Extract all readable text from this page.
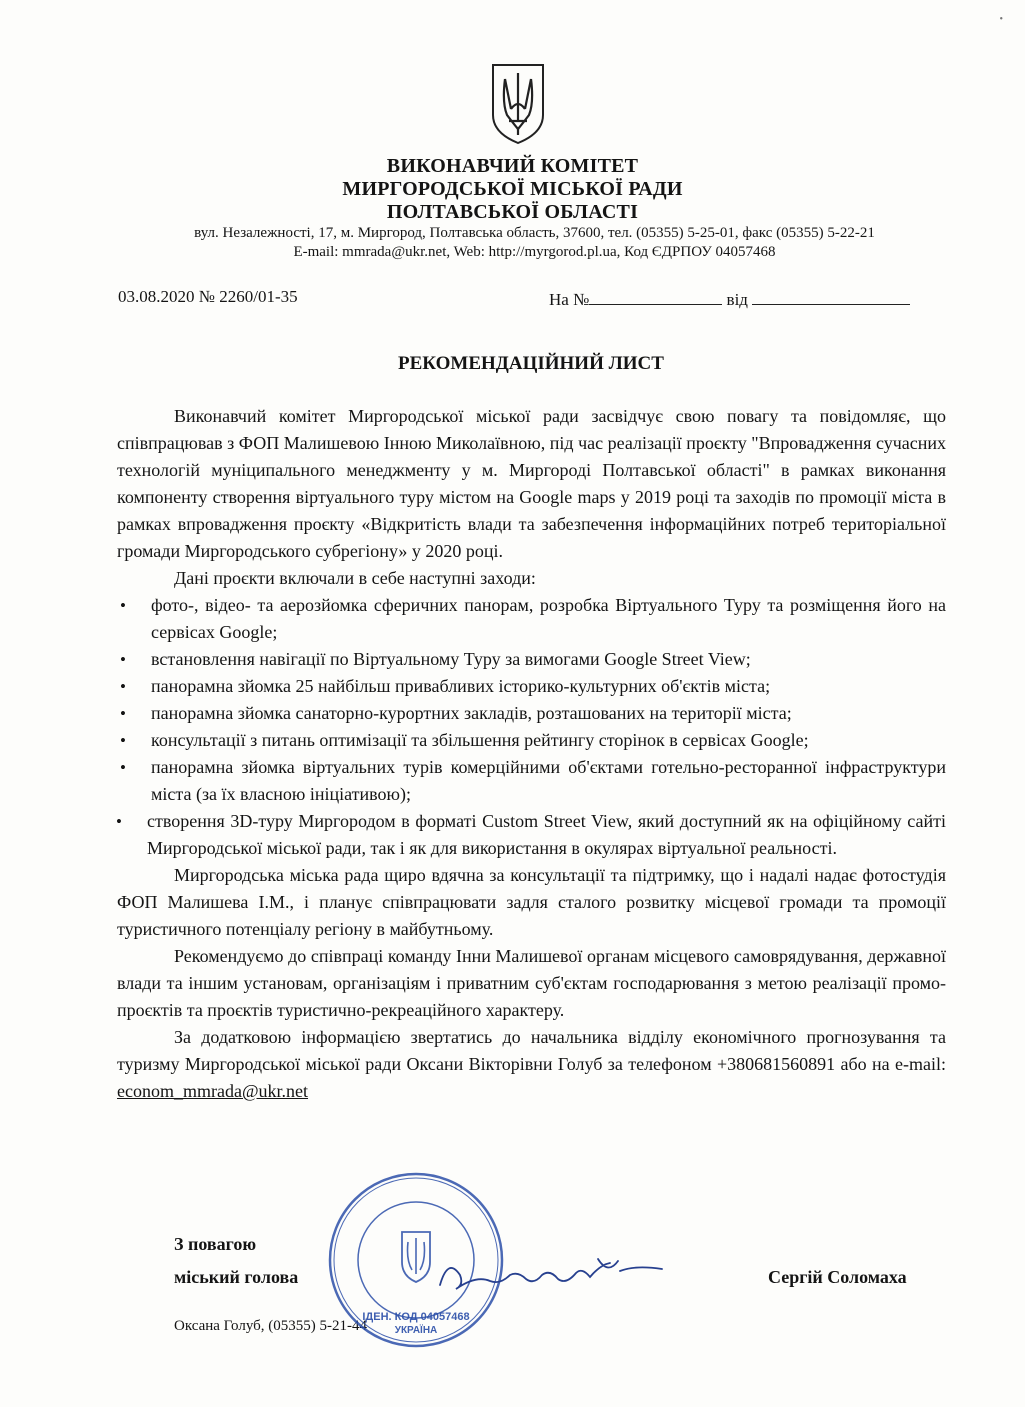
ВИКОНАВЧИЙ КОМІТЕТ
МИРГОРОДСЬКОЇ МІСЬКОЇ РАДИ
ПОЛТАВСЬКОЇ ОБЛАСТІ
вул. Незалежності, 17, м. Миргород, Полтавська область, 37600, тел. (05355) 5-25-01, факс (05355) 5-22-21
E-mail: mmrada@ukr.net, Web: http://myrgorod.pl.ua, Код ЄДРПОУ 04057468
03.08.2020 № 2260/01-35	На №	від
РЕКОМЕНДАЦІЙНИЙ ЛИСТ

Виконавчий комітет Миргородської міської ради засвідчує свою повагу та повідомляє, що співпрацював з ФОП Малишевою Інною Миколаївною, під час реалізації проєкту "Впровадження сучасних технологій муніципального менеджменту у м. Миргороді Полтавської області" в рамках виконання компоненту створення віртуального туру містом на Google maps у 2019 році та заходів по промоції міста в рамках впровадження проєкту «Відкритість влади та забезпечення інформаційних потреб територіальної громади Миргородського субрегіону» у 2020 році.

Дані проєкти включали в себе наступні заходи:

• фото-, відео- та аерозйомка сферичних панорам, розробка Віртуального Туру та розміщення його на сервісах Google;
• встановлення навігації по Віртуальному Туру за вимогами Google Street View;
• панорамна зйомка 25 найбільш привабливих історико-культурних об'єктів міста;
• панорамна зйомка санаторно-курортних закладів, розташованих на території міста;
• консультації з питань оптимізації та збільшення рейтингу сторінок в сервісах Google;
• панорамна зйомка віртуальних турів комерційними об'єктами готельно-ресторанної інфраструктури міста (за їх власною ініціативою);
• створення 3D-туру Миргородом в форматі Custom Street View, який доступний як на офіційному сайті Миргородської міської ради, так і як для використання в окулярах віртуальної реальності.

Миргородська міська рада щиро вдячна за консультації та підтримку, що і надалі надає фотостудія ФОП Малишева І.М., і планує співпрацювати задля сталого розвитку місцевої громади та промоції туристичного потенціалу регіону в майбутньому.

Рекомендуємо до співпраці команду Інни Малишевої органам місцевого самоврядування, державної влади та іншим установам, організаціям і приватним суб'єктам господарювання з метою реалізації промо-проєктів та проєктів туристично-рекреаційного характеру.

За додатковою інформацією звертатись до начальника відділу економічного прогнозування та туризму Миргородської міської ради Оксани Вікторівни Голуб за телефоном +380681560891 або на e-mail: econom_mmrada@ukr.net

З повагою
міський голова	Сергій Соломаха
Оксана Голуб, (05355) 5-21-44
ІДЕН. КОД 04057468
УКРАЇНА
•
